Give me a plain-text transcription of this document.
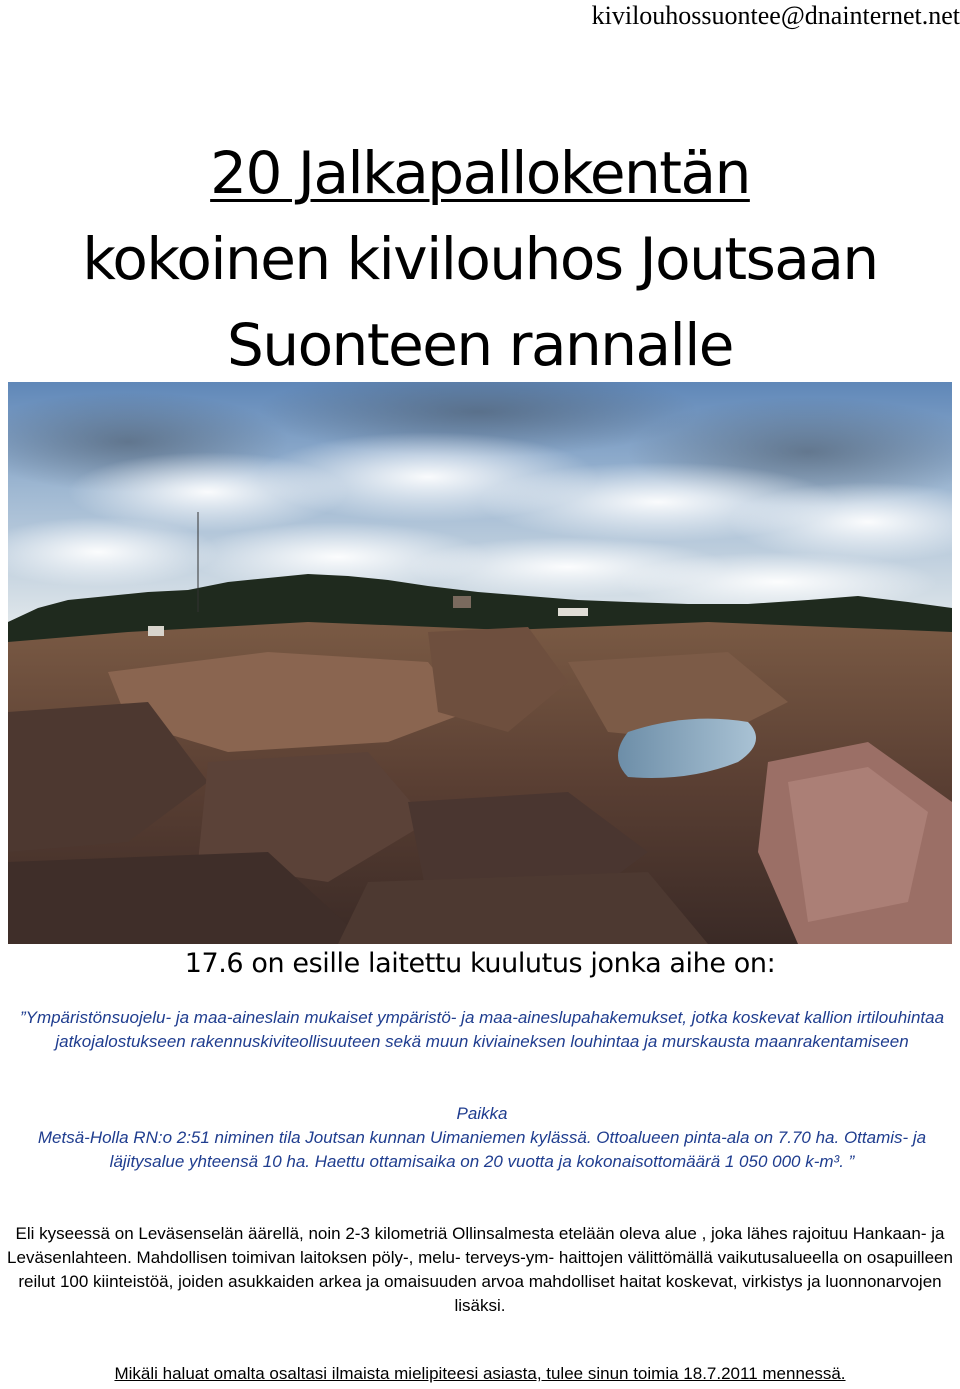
kivilouhossuontee@dnainternet.net
20 Jalkapallokentän
kokoinen kivilouhos Joutsaan
Suonteen rannalle
17.6 on esille laitettu kuulutus jonka aihe on:

”Ympäristönsuojelu- ja maa-aineslain mukaiset ympäristö- ja maa-aineslupahakemukset, jotka koskevat kallion irtilouhintaa jatkojalostukseen rakennuskiviteollisuuteen sekä muun kiviaineksen louhintaa ja murskausta maanrakentamiseen

Paikka

Metsä-Holla RN:o 2:51 niminen tila Joutsan kunnan Uimaniemen kylässä. Ottoalueen pinta-ala on 7.70 ha. Ottamis- ja läjitysalue yhteensä 10 ha. Haettu ottamisaika on 20 vuotta ja kokonaisottomäärä 1 050 000 k-m³. ”

Eli kyseessä on Leväsenselän äärellä, noin 2-3 kilometriä Ollinsalmesta etelään oleva alue , joka lähes rajoituu Hankaan- ja Leväsenlahteen. Mahdollisen toimivan laitoksen pöly-, melu- terveys-ym- haittojen välittömällä vaikutusalueella on osapuilleen reilut 100 kiinteistöä, joiden asukkaiden arkea ja omaisuuden arvoa mahdolliset haitat koskevat, virkistys ja luonnonarvojen lisäksi.

Mikäli haluat omalta osaltasi ilmaista mielipiteesi asiasta, tulee sinun toimia 18.7.2011 mennessä.
